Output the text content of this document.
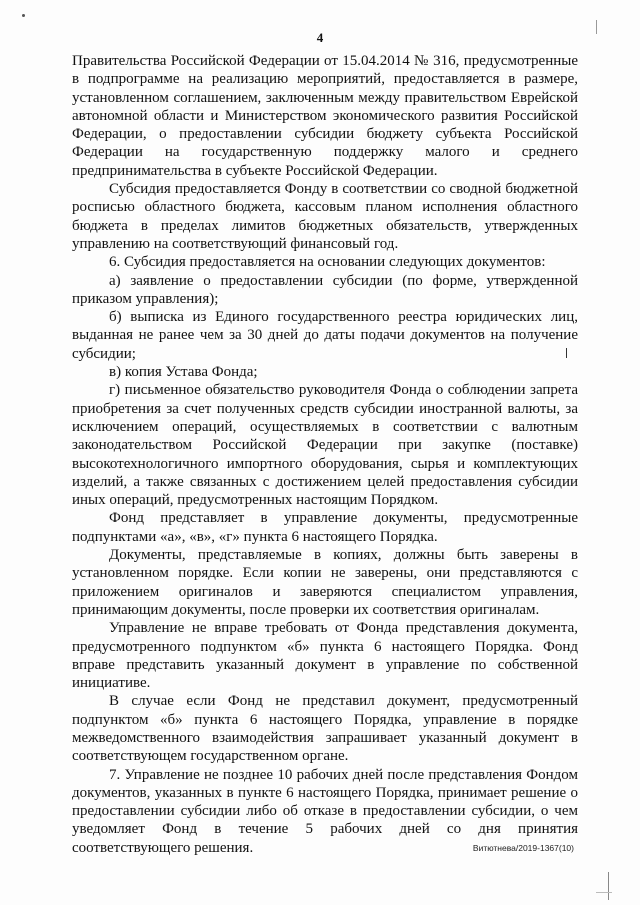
4

Правительства Российской Федерации от 15.04.2014 № 316, предусмотренные в подпрограмме на реализацию мероприятий, предоставляется в размере, установленном соглашением, заключенным между правительством Еврейской автономной области и Министерством экономического развития Российской Федерации, о предоставлении субсидии бюджету субъекта Российской Федерации на государственную поддержку малого и среднего предпринимательства в субъекте Российской Федерации.

Субсидия предоставляется Фонду в соответствии со сводной бюджетной росписью областного бюджета, кассовым планом исполнения областного бюджета в пределах лимитов бюджетных обязательств, утвержденных управлению на соответствующий финансовый год.

6. Субсидия предоставляется на основании следующих документов:

а) заявление о предоставлении субсидии (по форме, утвержденной приказом управления);

б) выписка из Единого государственного реестра юридических лиц, выданная не ранее чем за 30 дней до даты подачи документов на получение субсидии;

в) копия Устава Фонда;

г) письменное обязательство руководителя Фонда о соблюдении запрета приобретения за счет полученных средств субсидии иностранной валюты, за исключением операций, осуществляемых в соответствии с валютным законодательством Российской Федерации при закупке (поставке) высокотехнологичного импортного оборудования, сырья и комплектующих изделий, а также связанных с достижением целей предоставления субсидии иных операций, предусмотренных настоящим Порядком.

Фонд представляет в управление документы, предусмотренные подпунктами «а», «в», «г» пункта 6 настоящего Порядка.

Документы, представляемые в копиях, должны быть заверены в установленном порядке. Если копии не заверены, они представляются с приложением оригиналов и заверяются специалистом управления, принимающим документы, после проверки их соответствия оригиналам.

Управление не вправе требовать от Фонда представления документа, предусмотренного подпунктом «б» пункта 6 настоящего Порядка. Фонд вправе представить указанный документ в управление по собственной инициативе.

В случае если Фонд не представил документ, предусмотренный подпунктом «б» пункта 6 настоящего Порядка, управление в порядке межведомственного взаимодействия запрашивает указанный документ в соответствующем государственном органе.

7. Управление не позднее 10 рабочих дней после представления Фондом документов, указанных в пункте 6 настоящего Порядка, принимает решение о предоставлении субсидии либо об отказе в предоставлении субсидии, о чем уведомляет Фонд в течение 5 рабочих дней со дня принятия соответствующего решения.	Витютнева/2019-1367(10)
